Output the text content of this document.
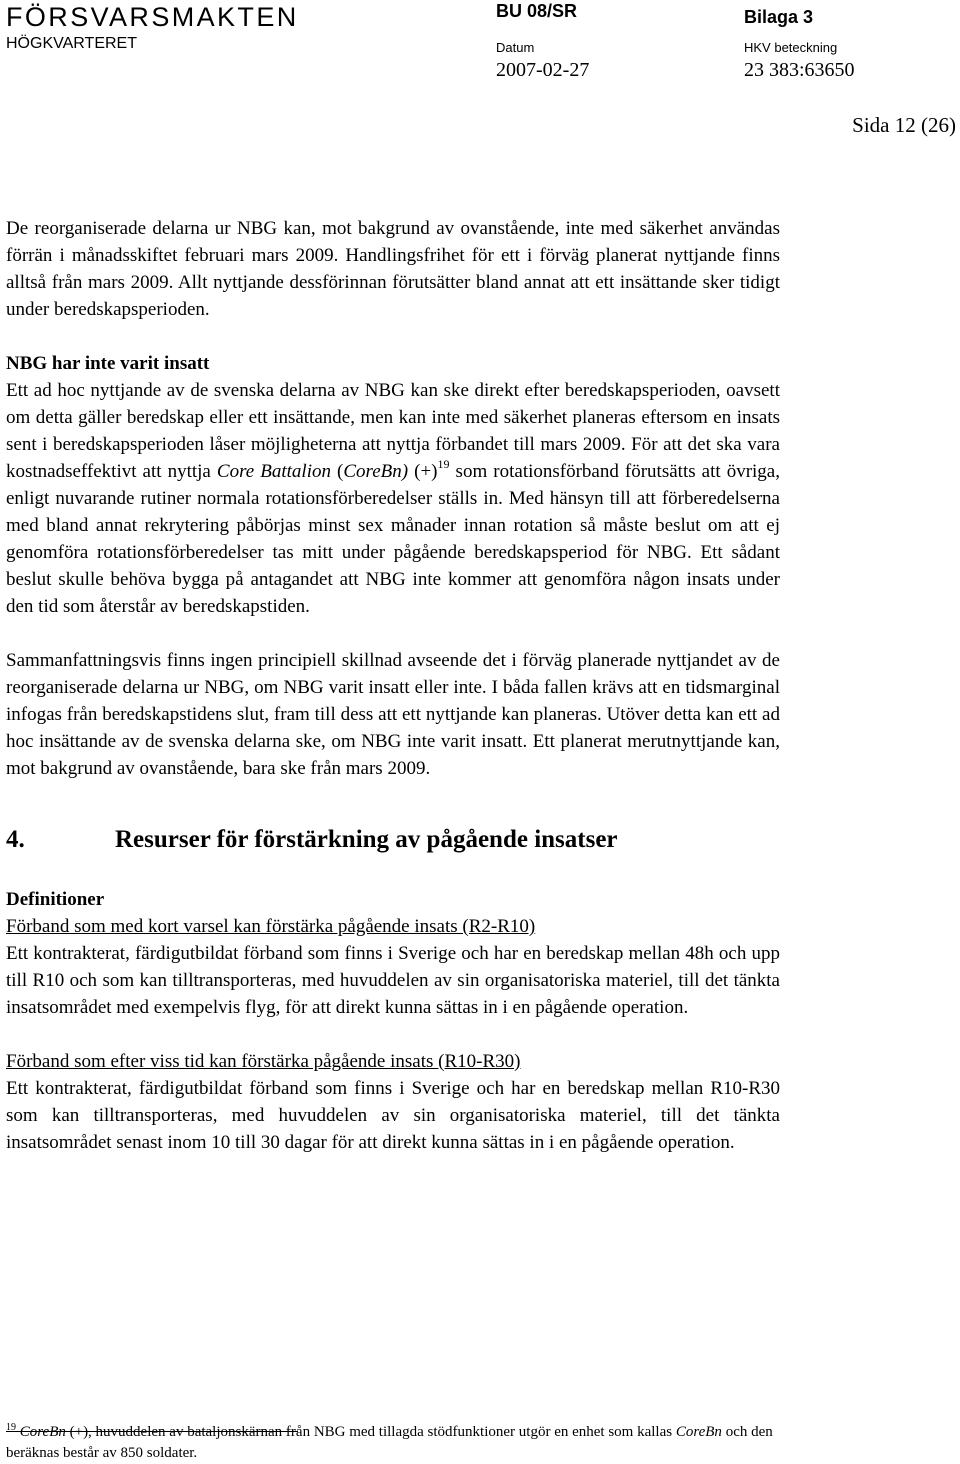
FÖRSVARSMAKTEN
HÖGKVARTERET
BU 08/SR	Bilaga 3
Datum
2007-02-27
HKV beteckning
23 383:63650
Sida 12 (26)

De reorganiserade delarna ur NBG kan, mot bakgrund av ovanstående, inte med säkerhet användas förrän i månadsskiftet februari mars 2009. Handlingsfrihet för ett i förväg planerat nyttjande finns alltså från mars 2009. Allt nyttjande dessförinnan förutsätter bland annat att ett insättande sker tidigt under beredskapsperioden.

NBG har inte varit insatt

Ett ad hoc nyttjande av de svenska delarna av NBG kan ske direkt efter beredskapsperioden, oavsett om detta gäller beredskap eller ett insättande, men kan inte med säkerhet planeras eftersom en insats sent i beredskapsperioden låser möjligheterna att nyttja förbandet till mars 2009. För att det ska vara kostnadseffektivt att nyttja Core Battalion (CoreBn) $(+)^{19}$ som rotationsförband förutsätts att övriga, enligt nuvarande rutiner normala rotationsförberedelser ställs in. Med hänsyn till att förberedelserna med bland annat rekrytering påbörjas minst sex månader innan rotation så måste beslut om att ej genomföra rotationsförberedelser tas mitt under pågående beredskapsperiod för NBG. Ett sådant beslut skulle behöva bygga på antagandet att NBG inte kommer att genomföra någon insats under den tid som återstår av beredskapstiden.

Sammanfattningsvis finns ingen principiell skillnad avseende det i förväg planerade nyttjandet av de reorganiserade delarna ur NBG, om NBG varit insatt eller inte. I båda fallen krävs att en tidsmarginal infogas från beredskapstidens slut, fram till dess att ett nyttjande kan planeras. Utöver detta kan ett ad hoc insättande av de svenska delarna ske, om NBG inte varit insatt. Ett planerat merutnyttjande kan, mot bakgrund av ovanstående, bara ske från mars 2009.

4.	Resurser för förstärkning av pågående insatser

Definitioner

Förband som med kort varsel kan förstärka pågående insats (R2-R10)

Ett kontrakterat, färdigutbildat förband som finns i Sverige och har en beredskap mellan 48h och upp till R10 och som kan tilltransporteras, med huvuddelen av sin organisatoriska materiel, till det tänkta insatsområdet med exempelvis flyg, för att direkt kunna sättas in i en pågående operation.

Förband som efter viss tid kan förstärka pågående insats (R10-R30)

Ett kontrakterat, färdigutbildat förband som finns i Sverige och har en beredskap mellan R10-R30 som kan tilltransporteras, med huvuddelen av sin organisatoriska materiel, till det tänkta insatsområdet senast inom 10 till 30 dagar för att direkt kunna sättas in i en pågående operation.

$^{19}$ CoreBn (+), huvuddelen av bataljonskärnan från NBG med tillagda stödfunktioner utgör en enhet som kallas CoreBn och den beräknas består av 850 soldater.
